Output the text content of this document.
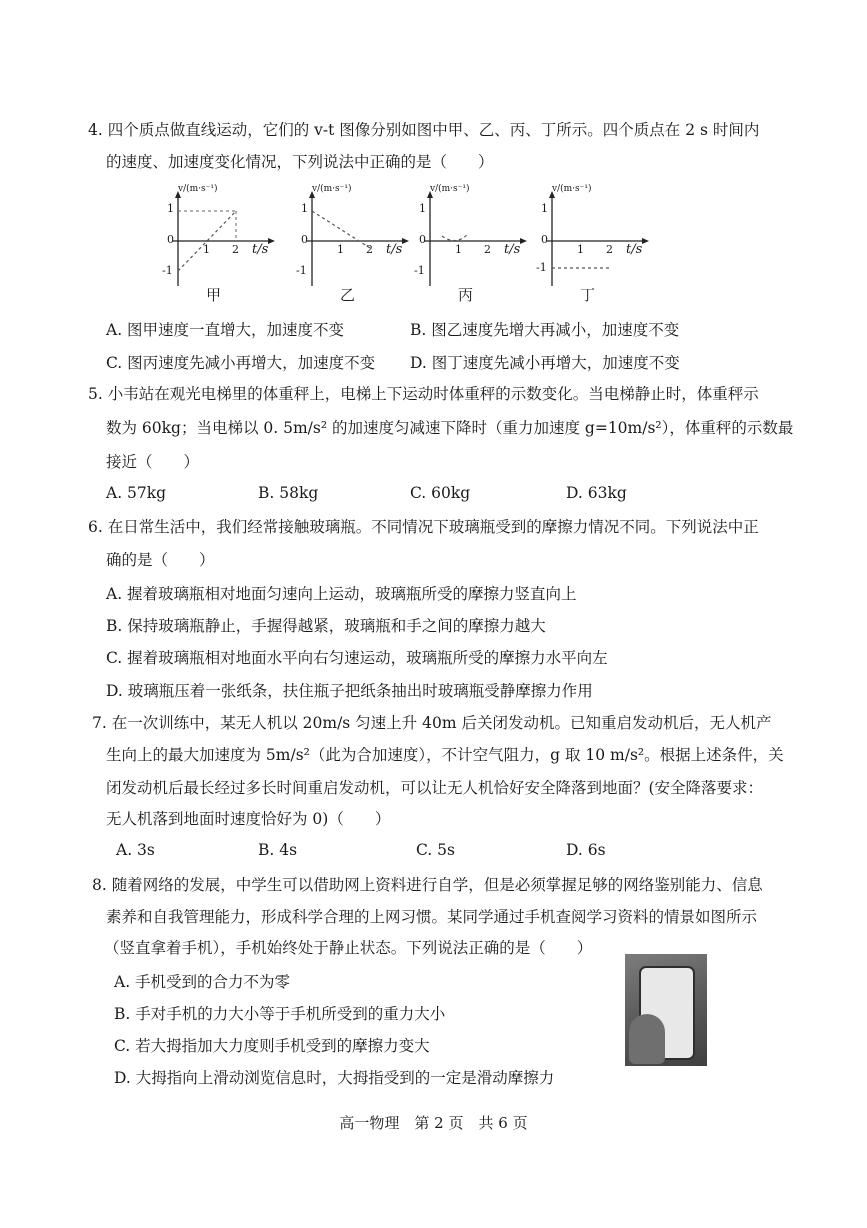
4. 四个质点做直线运动，它们的 v-t 图像分别如图中甲、乙、丙、丁所示。四个质点在 2 s 时间内
的速度、加速度变化情况，下列说法中正确的是（　　）
v/(m·s⁻¹)
t/s
1
0
-1
1 2
甲
v/(m·s⁻¹)
t/s
1
0
-1
1 2
乙
v/(m·s⁻¹)
t/s
1
0
-1
1 2
丙
v/(m·s⁻¹)
t/s
1
0
-1
1 2
丁
A. 图甲速度一直增大，加速度不变	B. 图乙速度先增大再减小，加速度不变
C. 图丙速度先减小再增大，加速度不变 D. 图丁速度先减小再增大，加速度不变
5. 小韦站在观光电梯里的体重秤上，电梯上下运动时体重秤的示数变化。当电梯静止时，体重秤示
数为 60kg；当电梯以 0. 5m/s² 的加速度匀减速下降时（重力加速度 g=10m/s²），体重秤的示数最
接近（　　）
A. 57kg	B. 58kg	C. 60kg	D. 63kg
6. 在日常生活中，我们经常接触玻璃瓶。不同情况下玻璃瓶受到的摩擦力情况不同。下列说法中正
确的是（　　）
A. 握着玻璃瓶相对地面匀速向上运动，玻璃瓶所受的摩擦力竖直向上
B. 保持玻璃瓶静止，手握得越紧，玻璃瓶和手之间的摩擦力越大
C. 握着玻璃瓶相对地面水平向右匀速运动，玻璃瓶所受的摩擦力水平向左
D. 玻璃瓶压着一张纸条，扶住瓶子把纸条抽出时玻璃瓶受静摩擦力作用
7. 在一次训练中，某无人机以 20m/s 匀速上升 40m 后关闭发动机。已知重启发动机后，无人机产
生向上的最大加速度为 5m/s²（此为合加速度），不计空气阻力，g 取 10 m/s²。根据上述条件，关
闭发动机后最长经过多长时间重启发动机，可以让无人机恰好安全降落到地面？(安全降落要求：
无人机落到地面时速度恰好为 0)（　　）
A. 3s	B. 4s	C. 5s	D. 6s
8. 随着网络的发展，中学生可以借助网上资料进行自学，但是必须掌握足够的网络鉴别能力、信息
素养和自我管理能力，形成科学合理的上网习惯。某同学通过手机查阅学习资料的情景如图所示
（竖直拿着手机），手机始终处于静止状态。下列说法正确的是（　　）
A. 手机受到的合力不为零
B. 手对手机的力大小等于手机所受到的重力大小
C. 若大拇指加大力度则手机受到的摩擦力变大
D. 大拇指向上滑动浏览信息时，大拇指受到的一定是滑动摩擦力
高一物理　第 2 页　共 6 页
